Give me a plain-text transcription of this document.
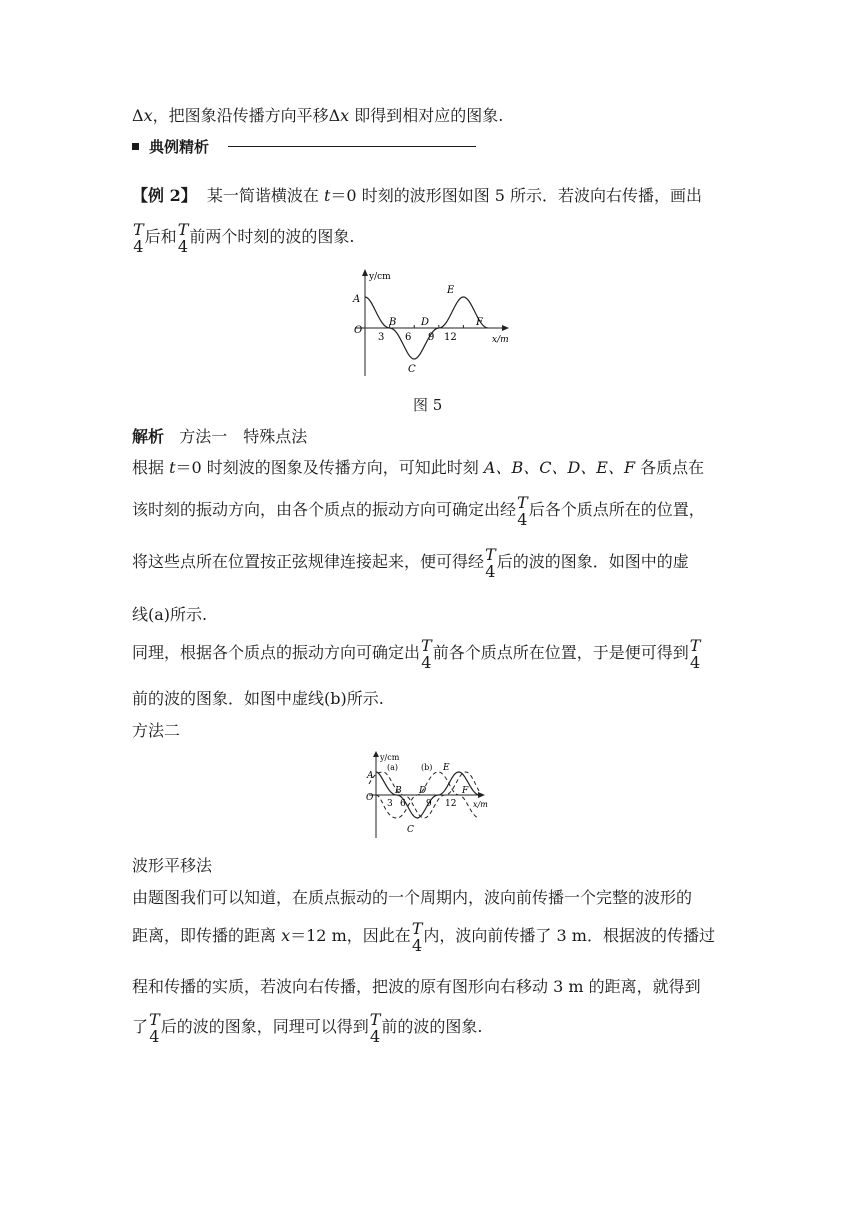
Δx，把图象沿传播方向平移Δx 即得到相对应的图象.
典例精析
【例 2】 某一简谐横波在 t＝0 时刻的波形图如图 5 所示．若波向右传播，画出
T
4 后和 T
4 前两个时刻的波的图象.
y/cm
x/m
O
3 6 9 12
A
B
C
D
E
F
图 5
解析 方法一　特殊点法
根据 t＝0 时刻波的图象及传播方向，可知此时刻 A、B、C、D、E、F 各质点在
该时刻的振动方向，由各个质点的振动方向可确定出经 T
4 后各个质点所在的位置，
将这些点所在位置按正弦规律连接起来，便可得经 T
4 后的波的图象．如图中的虚
线(a)所示.
同理，根据各个质点的振动方向可确定出 T
4 前各个质点所在位置，于是便可得到 T
4
前的波的图象．如图中虚线(b)所示.
方法二
y/cm
x/m
O
3 6 9 12
A
B
C
D
E
F
(a)	(b)
波形平移法
由题图我们可以知道，在质点振动的一个周期内，波向前传播一个完整的波形的
距离，即传播的距离 x＝12 m，因此在 T
4 内，波向前传播了 3 m．根据波的传播过
程和传播的实质，若波向右传播，把波的原有图形向右移动 3 m 的距离，就得到
了 T
4 后的波的图象，同理可以得到 T
4 前的波的图象.
